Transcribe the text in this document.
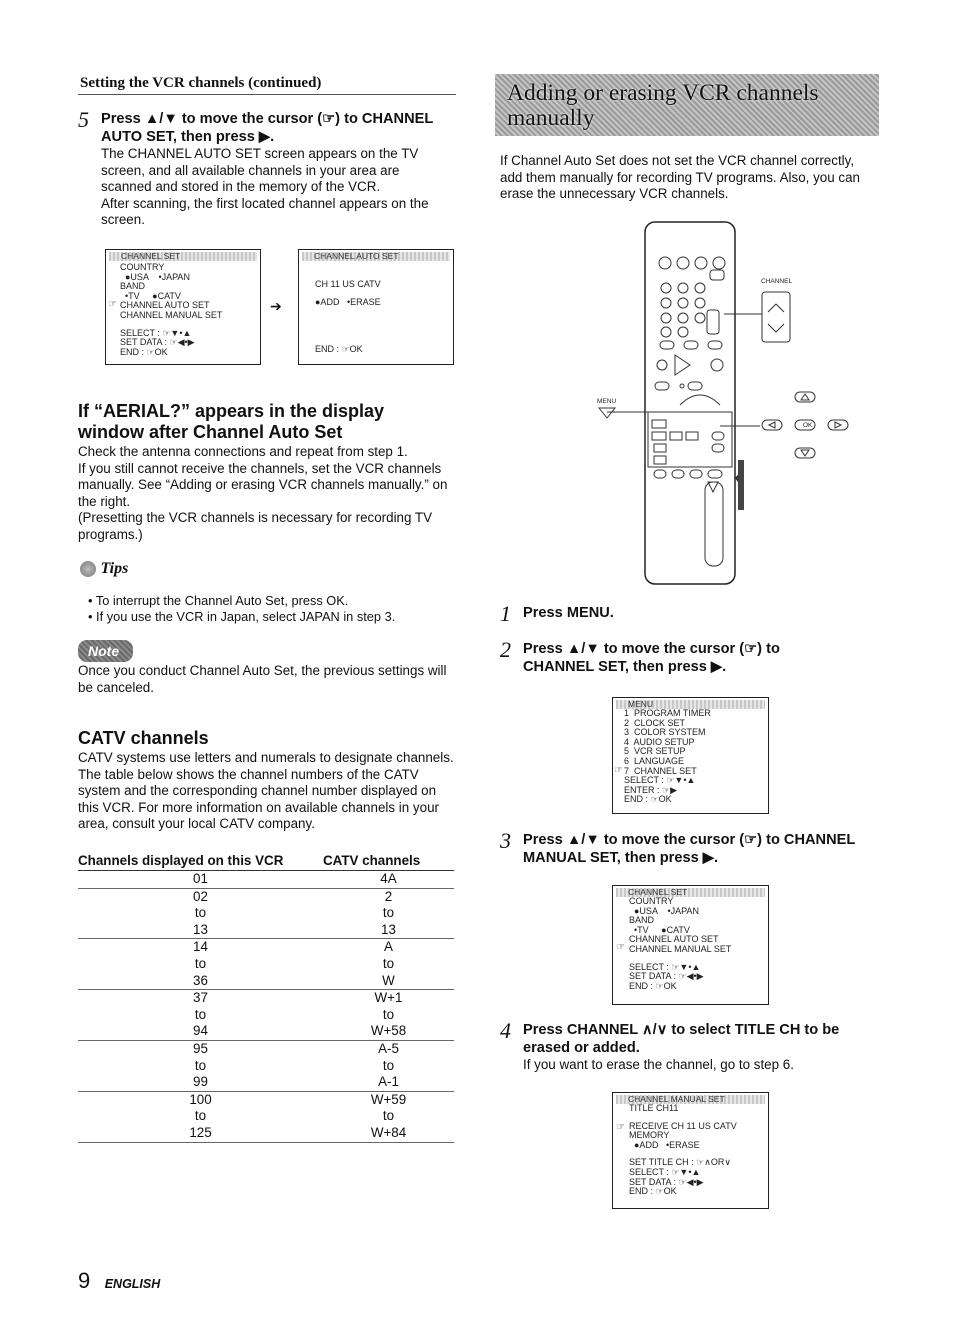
Setting the VCR channels (continued)
5 Press ▲/▼ to move the cursor (☞) to CHANNEL AUTO SET, then press ▶.

The CHANNEL AUTO SET screen appears on the TV screen, and all available channels in your area are scanned and stored in the memory of the VCR.

After scanning, the first located channel appears on the screen.

CHANNEL SET
COUNTRY
●USA    •JAPAN
BAND
•TV     ●CATV
CHANNEL AUTO SET
CHANNEL MANUAL SET
SELECT : ☞▼•▲
SET DATA : ☞◀•▶
END : ☞OK
☞	➔
CHANNEL AUTO SET
CH 11 US CATV
●ADD   •ERASE
END : ☞OK
If “AERIAL?” appears in the display window after Channel Auto Set

Check the antenna connections and repeat from step 1.

If you still cannot receive the channels, set the VCR channels manually. See “Adding or erasing VCR channels manually.” on the right.

(Presetting the VCR channels is necessary for recording TV programs.)

Tips
• To interrupt the Channel Auto Set, press OK.
• If you use the VCR in Japan, select JAPAN in step 3.
Note

Once you conduct Channel Auto Set, the previous settings will be canceled.

CATV channels

CATV systems use letters and numerals to designate channels. The table below shows the channel numbers of the CATV system and the corresponding channel number displayed on this VCR. For more information on available channels in your area, consult your local CATV company.

Channels displayed on this VCR	CATV channels
01	4A
02	2
to	to
13	13
14	A
to	to
36	W
37	W+1
to	to
94	W+58
95	A-5
to	to
99	A-1
100	W+59
to	to
125	W+84
9 ENGLISH
Adding or erasing VCR channels
manually

If Channel Auto Set does not set the VCR channel correctly, add them manually for recording TV programs. Also, you can erase the unnecessary VCR channels.

CHANNEL
MENU
OK
1 Press MENU.
2 Press ▲/▼ to move the cursor (☞) to CHANNEL SET, then press ▶.
MENU
1  PROGRAM TIMER
2  CLOCK SET
3  COLOR SYSTEM
4  AUDIO SETUP
5  VCR SETUP
6  LANGUAGE
7  CHANNEL SET
SELECT : ☞▼•▲
ENTER : ☞▶
END : ☞OK
☞
3 Press ▲/▼ to move the cursor (☞) to CHANNEL MANUAL SET, then press ▶.
CHANNEL SET
COUNTRY
●USA    •JAPAN
BAND
•TV     ●CATV
CHANNEL AUTO SET
CHANNEL MANUAL SET
SELECT : ☞▼•▲
SET DATA : ☞◀•▶
END : ☞OK
☞
4 Press CHANNEL ∧/∨ to select TITLE CH to be erased or added.

If you want to erase the channel, go to step 6.

CHANNEL MANUAL SET
TITLE CH11
RECEIVE CH 11 US CATV
MEMORY
●ADD   •ERASE
SET TITLE CH : ☞∧OR∨
SELECT : ☞▼•▲
SET DATA : ☞◀•▶
END : ☞OK
☞
